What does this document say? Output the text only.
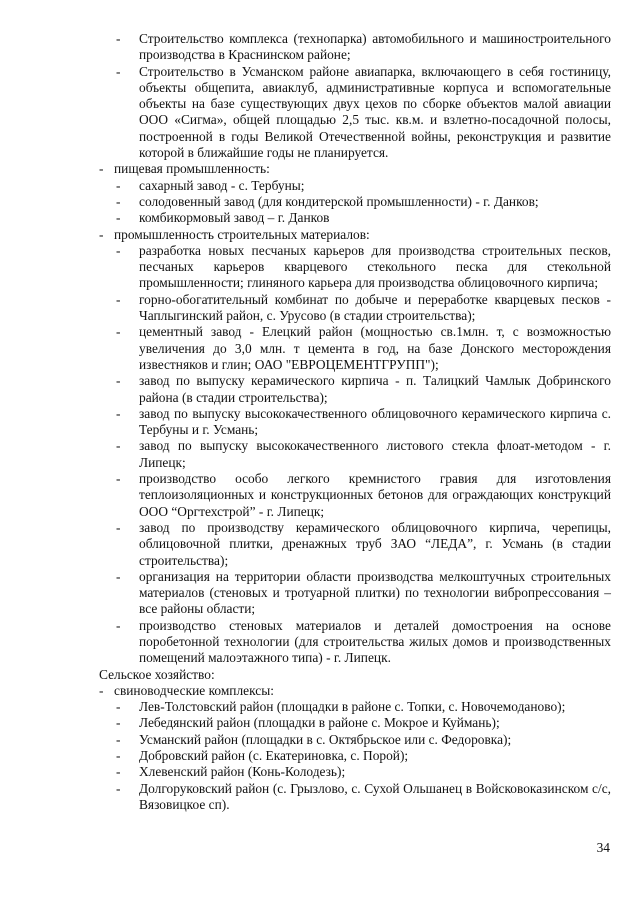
- Строительство комплекса (технопарка) автомобильного и машиностроительного производства в Краснинском районе;
- Строительство в Усманском районе авиапарка, включающего в себя гостиницу, объекты общепита, авиаклуб, административные корпуса и вспомогательные объекты на базе существующих двух цехов по сборке объектов малой авиации ООО «Сигма», общей площадью 2,5 тыс. кв.м. и взлетно-посадочной полосы, построенной в годы Великой Отечественной войны, реконструкция и развитие которой в ближайшие годы не планируется.
- пищевая промышленность:
- сахарный завод - с. Тербуны;
- солодовенный завод (для кондитерской промышленности) - г. Данков;
- комбикормовый завод – г. Данков
- промышленность строительных материалов:
- разработка новых песчаных карьеров для производства строительных песков, песчаных карьеров кварцевого стекольного песка для стекольной промышленности; глиняного карьера для производства облицовочного кирпича;
- горно-обогатительный комбинат по добыче и переработке кварцевых песков - Чаплыгинский район, с. Урусово (в стадии строительства);
- цементный завод - Елецкий район (мощностью св.1млн. т, с возможностью увеличения до 3,0 млн. т цемента в год, на базе Донского месторождения известняков и глин; ОАО "ЕВРОЦЕМЕНТГРУПП");
- завод по выпуску керамического кирпича - п. Талицкий Чамлык Добринского района (в стадии строительства);
- завод по выпуску высококачественного облицовочного керамического кирпича с. Тербуны и г. Усмань;
- завод по выпуску высококачественного листового стекла флоат-методом - г. Липецк;
- производство особо легкого кремнистого гравия для изготовления теплоизоляционных и конструкционных бетонов для ограждающих конструкций ООО “Оргтехстрой” - г. Липецк;
- завод по производству керамического облицовочного кирпича, черепицы, облицовочной плитки, дренажных труб ЗАО “ЛЕДА”, г. Усмань (в стадии строительства);
- организация на территории области производства мелкоштучных строительных материалов (стеновых и тротуарной плитки) по технологии вибропрессования – все районы области;
- производство стеновых материалов и деталей домостроения на основе поробетонной технологии (для строительства жилых домов и производственных помещений малоэтажного типа) - г. Липецк.
Сельское хозяйство:
- свиноводческие комплексы:
- Лев-Толстовский район (площадки в районе с. Топки, с. Новочемоданово);
- Лебедянский район (площадки в районе с. Мокрое и Куймань);
- Усманский район (площадки в с. Октябрьское или с. Федоровка);
- Добровский район (с. Екатериновка, с. Порой);
- Хлевенский район (Конь-Колодезь);
- Долгоруковский район (с. Грызлово, с. Сухой Ольшанец в Войсковоказинском с/с, Вязовицкое сп).
34
